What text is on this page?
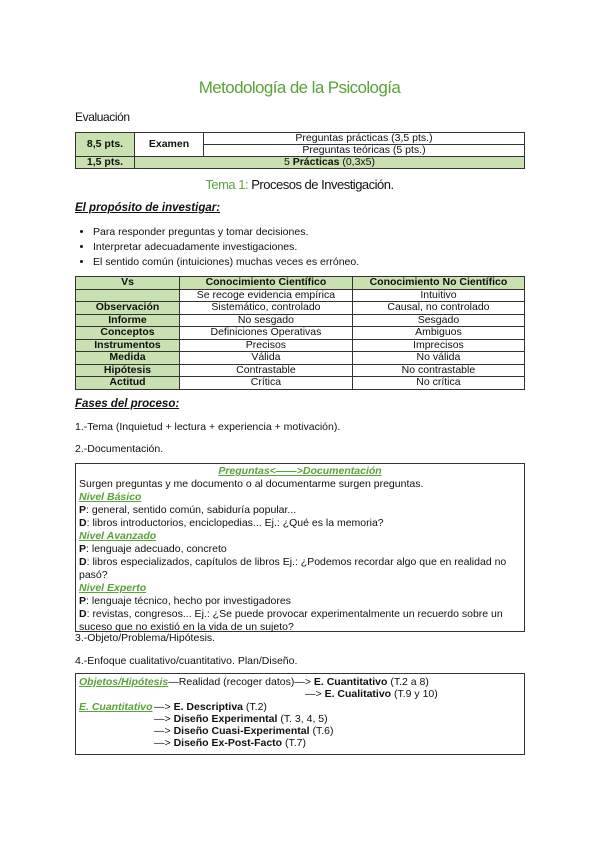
Metodología de la Psicología
Evaluación
8,5 pts.	Examen	Preguntas prácticas (3,5 pts.)
		Preguntas teóricas (5 pts.)
1,5 pts.	5 Prácticas (0,3x5)	
Tema 1: Procesos de Investigación.
El propósito de investigar:
• Para responder preguntas y tomar decisiones.
• Interpretar adecuadamente investigaciones.
• El sentido común (intuiciones) muchas veces es erróneo.
Vs	Conocimiento Científico	Conocimiento No Científico
	Se recoge evidencia empírica	Intuitivo
Observación	Sistemático, controlado	Causal, no controlado
Informe	No sesgado	Sesgado
Conceptos	Definiciones Operativas	Ambiguos
Instrumentos	Precisos	Imprecisos
Medida	Válida	No válida
Hipótesis	Contrastable	No contrastable
Actitud	Crítica	No crítica
Fases del proceso:
1.-Tema (Inquietud + lectura + experiencia + motivación).
2.-Documentación.
Preguntas<——>Documentación
Surgen preguntas y me documento o al documentarme surgen preguntas.
Nivel Básico
P: general, sentido común, sabiduría popular...
D: libros introductorios, enciclopedias... Ej.: ¿Qué es la memoria?
Nivel Avanzado
P: lenguaje adecuado, concreto
D: libros especializados, capítulos de libros Ej.: ¿Podemos recordar algo que en realidad no pasó?
Nivel Experto
P: lenguaje técnico, hecho por investigadores
D: revistas, congresos... Ej.: ¿Se puede provocar experimentalmente un recuerdo sobre un suceso que no existió en la vida de un sujeto?
3.-Objeto/Problema/Hipótesis.
4.-Enfoque cualitativo/cuantitativo. Plan/Diseño.
Objetos/Hipótesis—Realidad (recoger datos)—> E. Cuantitativo (T.2 a 8)
—> E. Cualitativo (T.9 y 10)
E. Cuantitativo —> E. Descriptiva (T.2)
—> Diseño Experimental (T. 3, 4, 5)
—> Diseño Cuasi-Experimental (T.6)
—> Diseño Ex-Post-Facto (T.7)
